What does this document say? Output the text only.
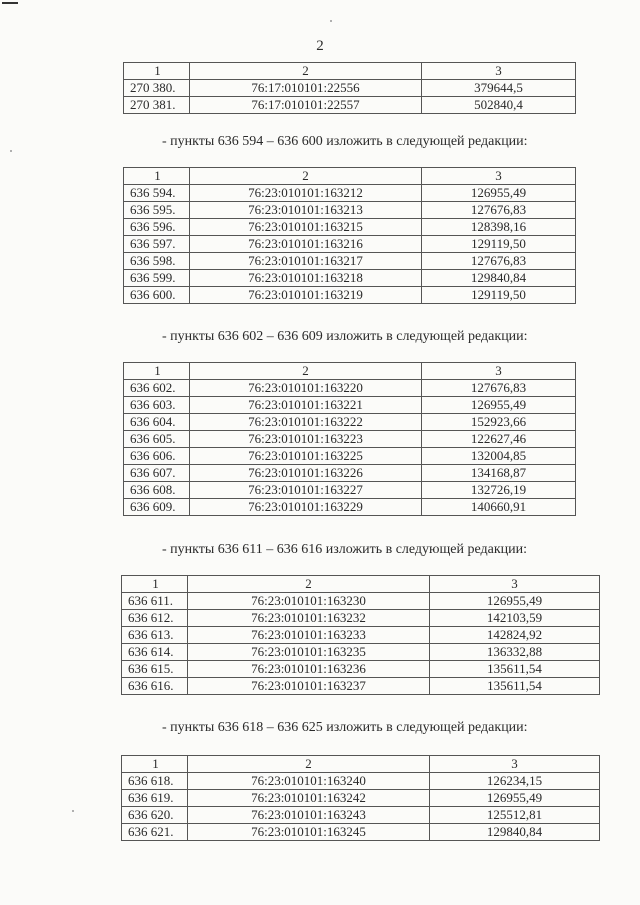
2
1	2	3
270 380.	76:17:010101:22556	379644,5
270 381.	76:17:010101:22557	502840,4
- пункты 636 594 – 636 600 изложить в следующей редакции:
1	2	3
636 594.	76:23:010101:163212	126955,49
636 595.	76:23:010101:163213	127676,83
636 596.	76:23:010101:163215	128398,16
636 597.	76:23:010101:163216	129119,50
636 598.	76:23:010101:163217	127676,83
636 599.	76:23:010101:163218	129840,84
636 600.	76:23:010101:163219	129119,50
- пункты 636 602 – 636 609 изложить в следующей редакции:
1	2	3
636 602.	76:23:010101:163220	127676,83
636 603.	76:23:010101:163221	126955,49
636 604.	76:23:010101:163222	152923,66
636 605.	76:23:010101:163223	122627,46
636 606.	76:23:010101:163225	132004,85
636 607.	76:23:010101:163226	134168,87
636 608.	76:23:010101:163227	132726,19
636 609.	76:23:010101:163229	140660,91
- пункты 636 611 – 636 616 изложить в следующей редакции:
1	2	3
636 611.	76:23:010101:163230	126955,49
636 612.	76:23:010101:163232	142103,59
636 613.	76:23:010101:163233	142824,92
636 614.	76:23:010101:163235	136332,88
636 615.	76:23:010101:163236	135611,54
636 616.	76:23:010101:163237	135611,54
- пункты 636 618 – 636 625 изложить в следующей редакции:
1	2	3
636 618.	76:23:010101:163240	126234,15
636 619.	76:23:010101:163242	126955,49
636 620.	76:23:010101:163243	125512,81
636 621.	76:23:010101:163245	129840,84
